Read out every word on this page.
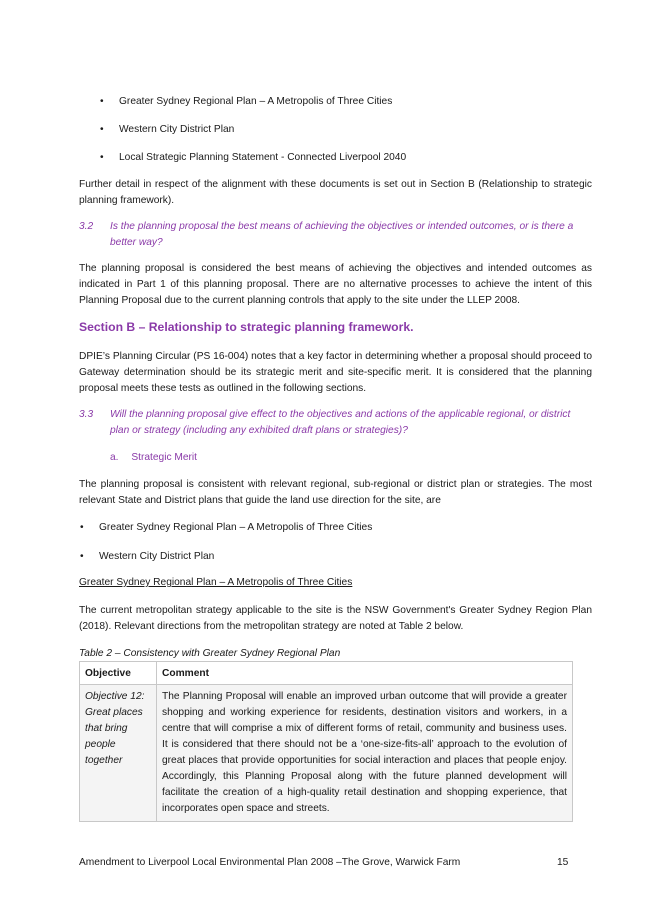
• Greater Sydney Regional Plan – A Metropolis of Three Cities
• Western City District Plan
• Local Strategic Planning Statement - Connected Liverpool 2040

Further detail in respect of the alignment with these documents is set out in Section B (Relationship to strategic planning framework).

3.2 Is the planning proposal the best means of achieving the objectives or intended outcomes, or is there a better way?

The planning proposal is considered the best means of achieving the objectives and intended outcomes as indicated in Part 1 of this planning proposal. There are no alternative processes to achieve the intent of this Planning Proposal due to the current planning controls that apply to the site under the LLEP 2008.

Section B – Relationship to strategic planning framework.

DPIE’s Planning Circular (PS 16-004) notes that a key factor in determining whether a proposal should proceed to Gateway determination should be its strategic merit and site-specific merit. It is considered that the planning proposal meets these tests as outlined in the following sections.

3.3 Will the planning proposal give effect to the objectives and actions of the applicable regional, or district plan or strategy (including any exhibited draft plans or strategies)?
a. Strategic Merit

The planning proposal is consistent with relevant regional, sub-regional or district plan or strategies. The most relevant State and District plans that guide the land use direction for the site, are

• Greater Sydney Regional Plan – A Metropolis of Three Cities
• Western City District Plan
Greater Sydney Regional Plan – A Metropolis of Three Cities

The current metropolitan strategy applicable to the site is the NSW Government's Greater Sydney Region Plan (2018). Relevant directions from the metropolitan strategy are noted at Table 2 below.

Table 2 – Consistency with Greater Sydney Regional Plan
Objective	Comment
Objective 12: Great places that bring people together	The Planning Proposal will enable an improved urban outcome that will provide a greater shopping and working experience for residents, destination visitors and workers, in a centre that will comprise a mix of different forms of retail, community and business uses. It is considered that there should not be a ‘one-size-fits-all’ approach to the evolution of great places that provide opportunities for social interaction and places that people enjoy. Accordingly, this Planning Proposal along with the future planned development will facilitate the creation of a high-quality retail destination and shopping experience, that incorporates open space and streets.
Amendment to Liverpool Local Environmental Plan 2008 –The Grove, Warwick Farm	15
